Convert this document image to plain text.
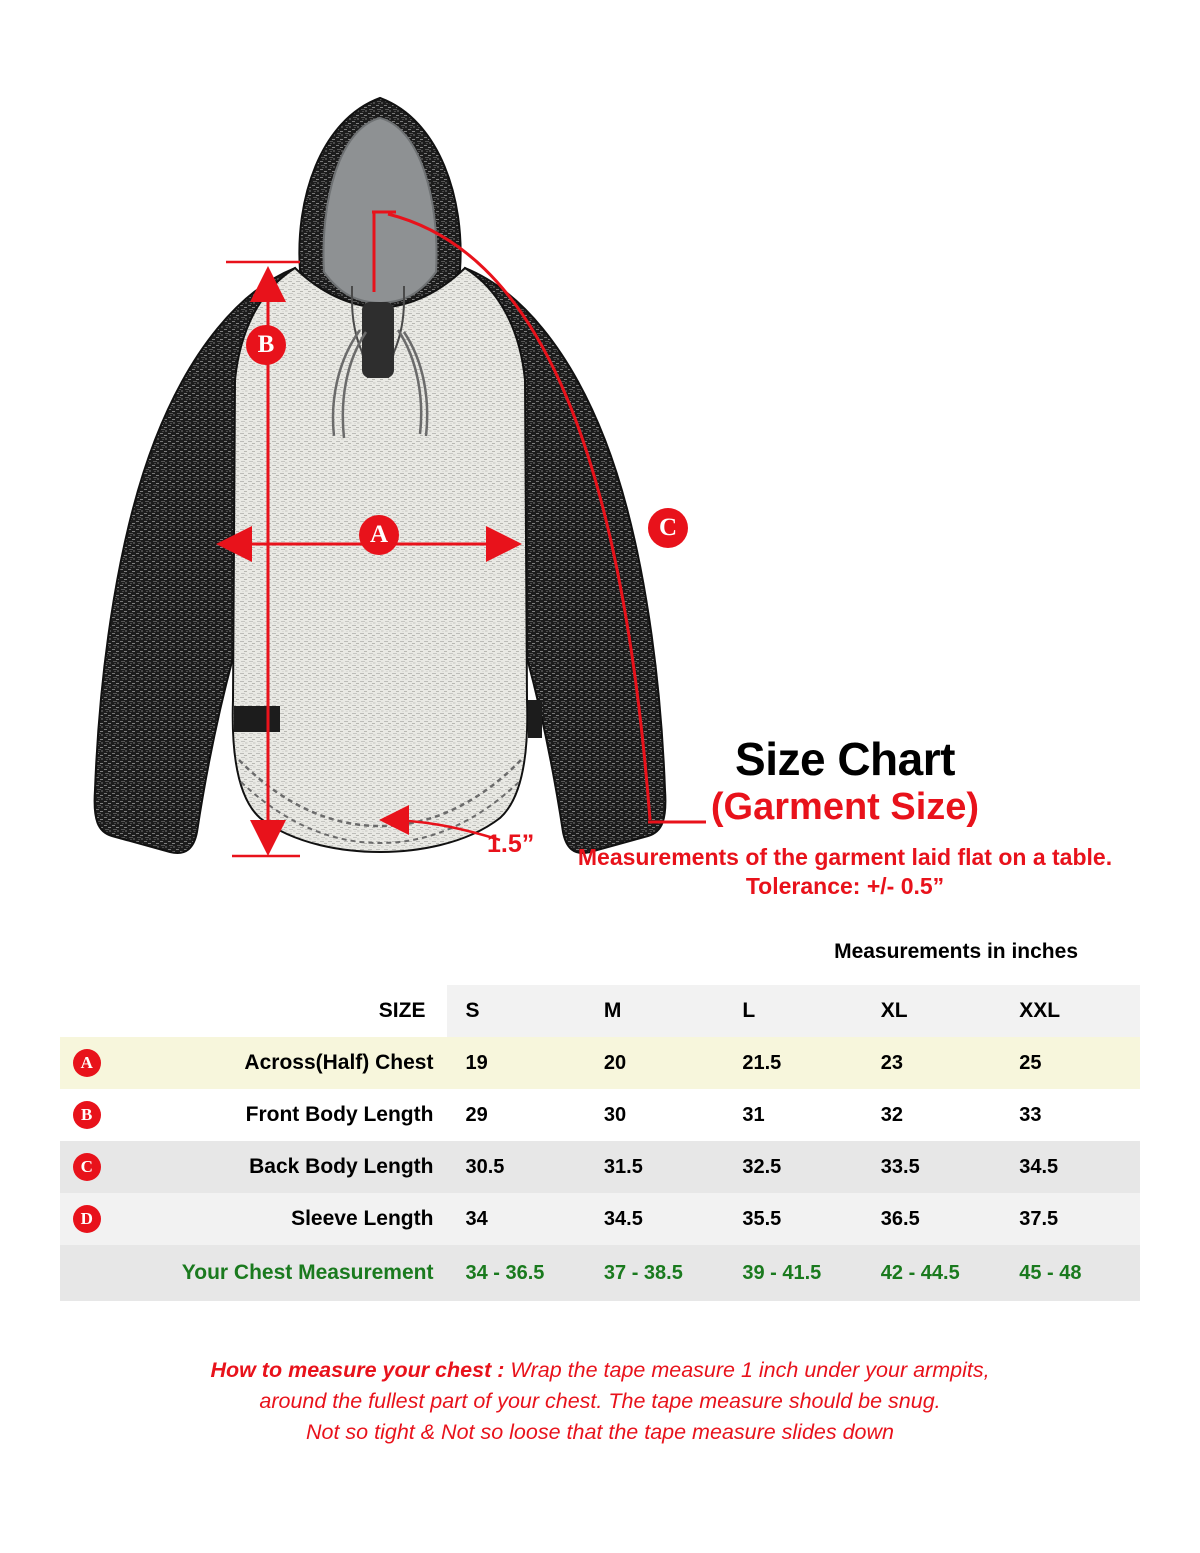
B
A	C
1.5”
Size Chart
(Garment Size)
Measurements of the garment laid flat on a table. Tolerance: +/- 0.5”
Measurements in inches
	SIZE	S	M	L	XL	XXL
A	Across(Half) Chest	19	20	21.5	23	25
B	Front Body Length	29	30	31	32	33
C	Back Body Length	30.5	31.5	32.5	33.5	34.5
D	Sleeve Length	34	34.5	35.5	36.5	37.5
	Your Chest Measurement	34 - 36.5	37 - 38.5	39 - 41.5	42 - 44.5	45 - 48
How to measure your chest : Wrap the tape measure 1 inch under your armpits,
around the fullest part of your chest. The tape measure should be snug.
Not so tight & Not so loose that the tape measure slides down
